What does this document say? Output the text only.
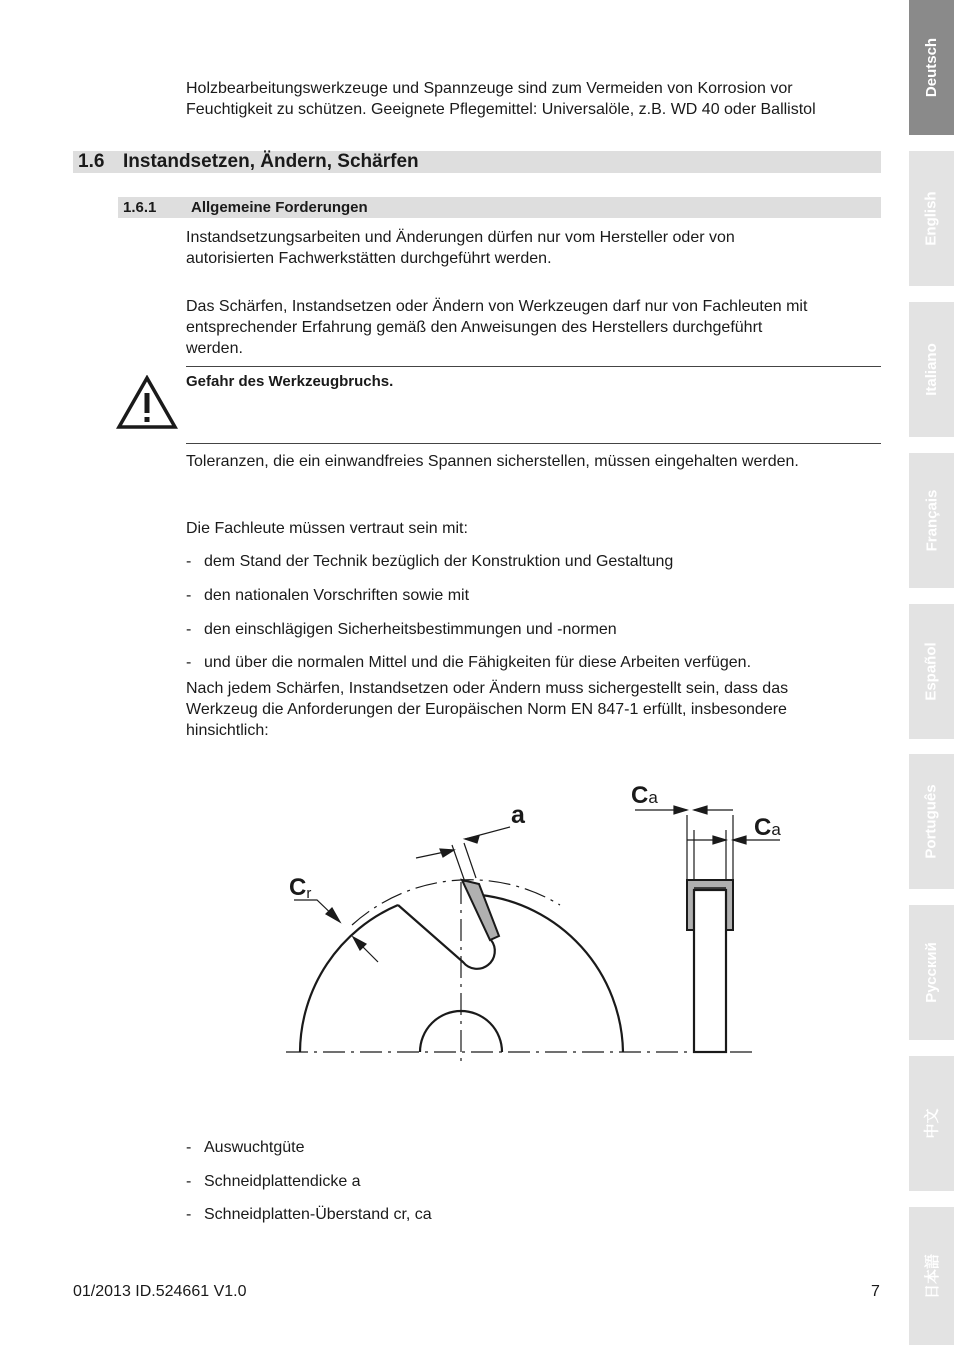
Holzbearbeitungswerkzeuge und Spannzeuge sind zum Vermeiden von Korrosion vor
Feuchtigkeit zu schützen. Geeignete Pflegemittel: Universalöle, z.B. WD 40 oder Ballistol
1.6 Instandsetzen, Ändern, Schärfen
1.6.1 Allgemeine Forderungen
Instandsetzungsarbeiten und Änderungen dürfen nur vom Hersteller oder von
autorisierten Fachwerkstätten durchgeführt werden.
Das Schärfen, Instandsetzen oder Ändern von Werkzeugen darf nur von Fachleuten mit
entsprechender Erfahrung gemäß den Anweisungen des Herstellers durchgeführt
werden.
Gefahr des Werkzeugbruchs.
Toleranzen, die ein einwandfreies Spannen sicherstellen, müssen eingehalten werden.
Die Fachleute müssen vertraut sein mit:
- dem Stand der Technik bezüglich der Konstruktion und Gestaltung
- den nationalen Vorschriften sowie mit
- den einschlägigen Sicherheitsbestimmungen und -normen
- und über die normalen Mittel und die Fähigkeiten für diese Arbeiten verfügen.
Nach jedem Schärfen, Instandsetzen oder Ändern muss sichergestellt sein, dass das
Werkzeug die Anforderungen der Europäischen Norm EN 847-1 erfüllt, insbesondere
hinsichtlich:
a
Cr
Ca
Ca
- Auswuchtgüte
- Schneidplattendicke a
- Schneidplatten-Überstand cr, ca
01/2013 ID.524661 V1.0	7
Deutsch
English
Italiano
Français
Español
Português
Русский
中文
日本語
